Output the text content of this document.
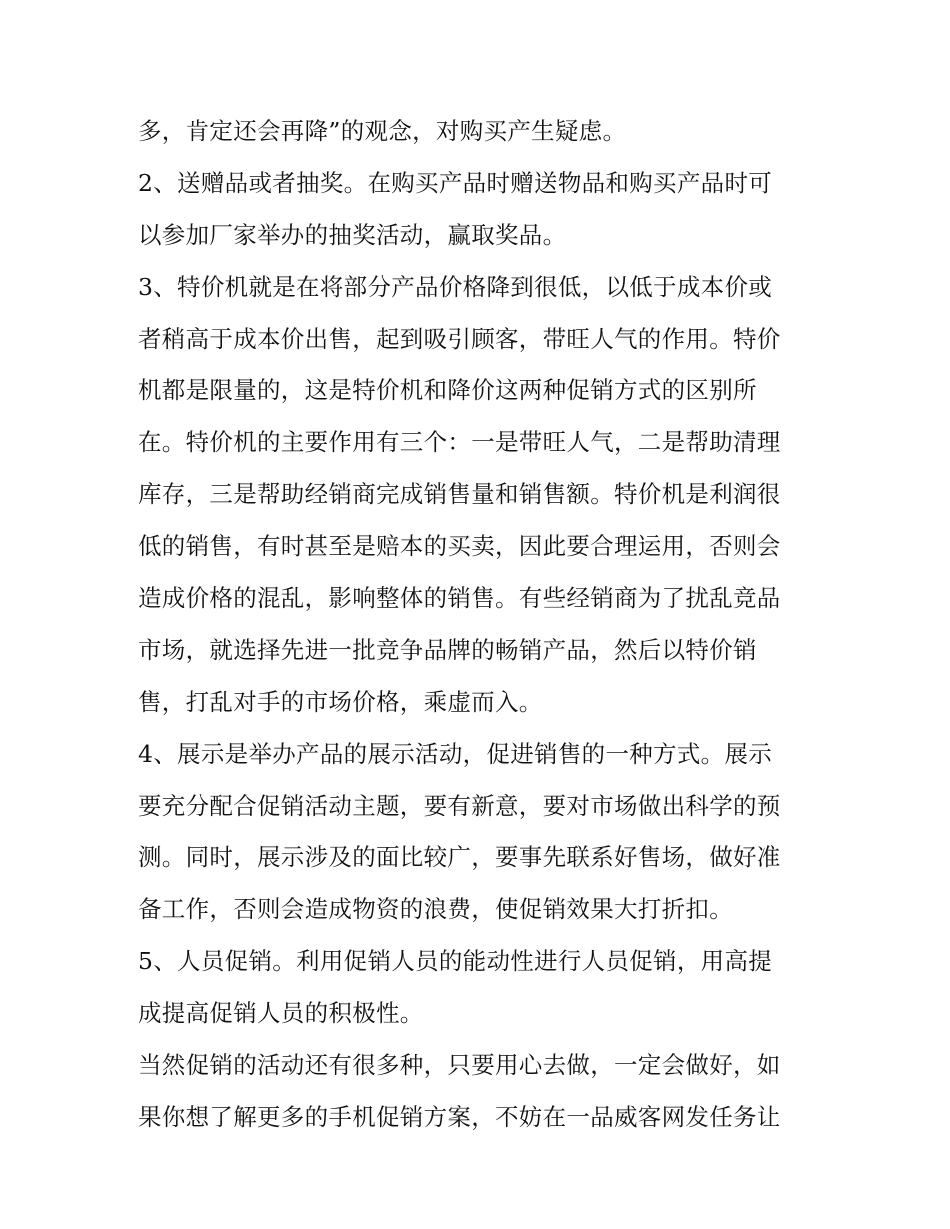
多，肯定还会再降”的观念，对购买产生疑虑。
2、送赠品或者抽奖。在购买产品时赠送物品和购买产品时可
以参加厂家举办的抽奖活动，赢取奖品。
3、特价机就是在将部分产品价格降到很低，以低于成本价或
者稍高于成本价出售，起到吸引顾客，带旺人气的作用。特价
机都是限量的，这是特价机和降价这两种促销方式的区别所
在。特价机的主要作用有三个：一是带旺人气，二是帮助清理
库存，三是帮助经销商完成销售量和销售额。特价机是利润很
低的销售，有时甚至是赔本的买卖，因此要合理运用，否则会
造成价格的混乱，影响整体的销售。有些经销商为了扰乱竞品
市场，就选择先进一批竞争品牌的畅销产品，然后以特价销
售，打乱对手的市场价格，乘虚而入。
4、展示是举办产品的展示活动，促进销售的一种方式。展示
要充分配合促销活动主题，要有新意，要对市场做出科学的预
测。同时，展示涉及的面比较广，要事先联系好售场，做好准
备工作，否则会造成物资的浪费，使促销效果大打折扣。
5、人员促销。利用促销人员的能动性进行人员促销，用高提
成提高促销人员的积极性。
当然促销的活动还有很多种，只要用心去做，一定会做好，如
果你想了解更多的手机促销方案，不妨在一品威客网发任务让
